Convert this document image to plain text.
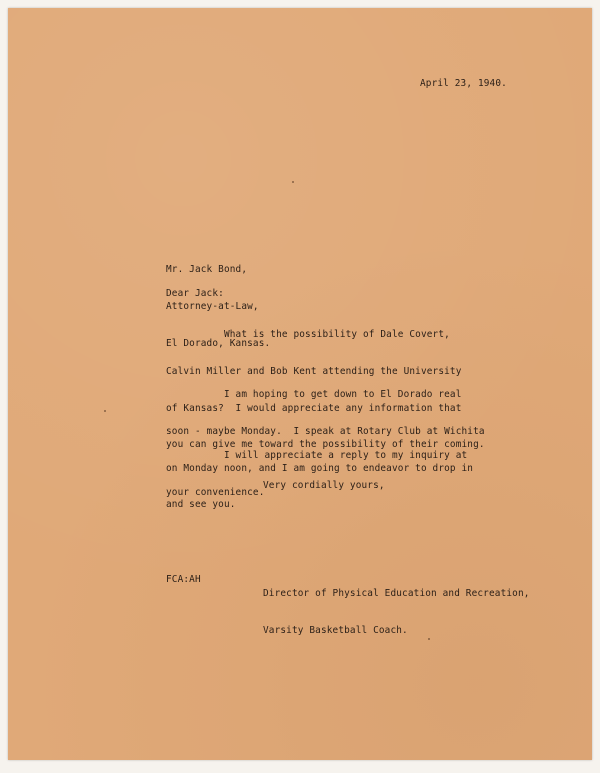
April 23, 1940.

Mr. Jack Bond,

Attorney-at-Law,

El Dorado, Kansas.

Dear Jack:

What is the possibility of Dale Covert,

Calvin Miller and Bob Kent attending the University

of Kansas?  I would appreciate any information that

you can give me toward the possibility of their coming.

I am hoping to get down to El Dorado real

soon - maybe Monday.  I speak at Rotary Club at Wichita

on Monday noon, and I am going to endeavor to drop in

and see you.

I will appreciate a reply to my inquiry at

your convenience.

Very cordially yours,

Director of Physical Education and Recreation,

Varsity Basketball Coach.

FCA:AH
